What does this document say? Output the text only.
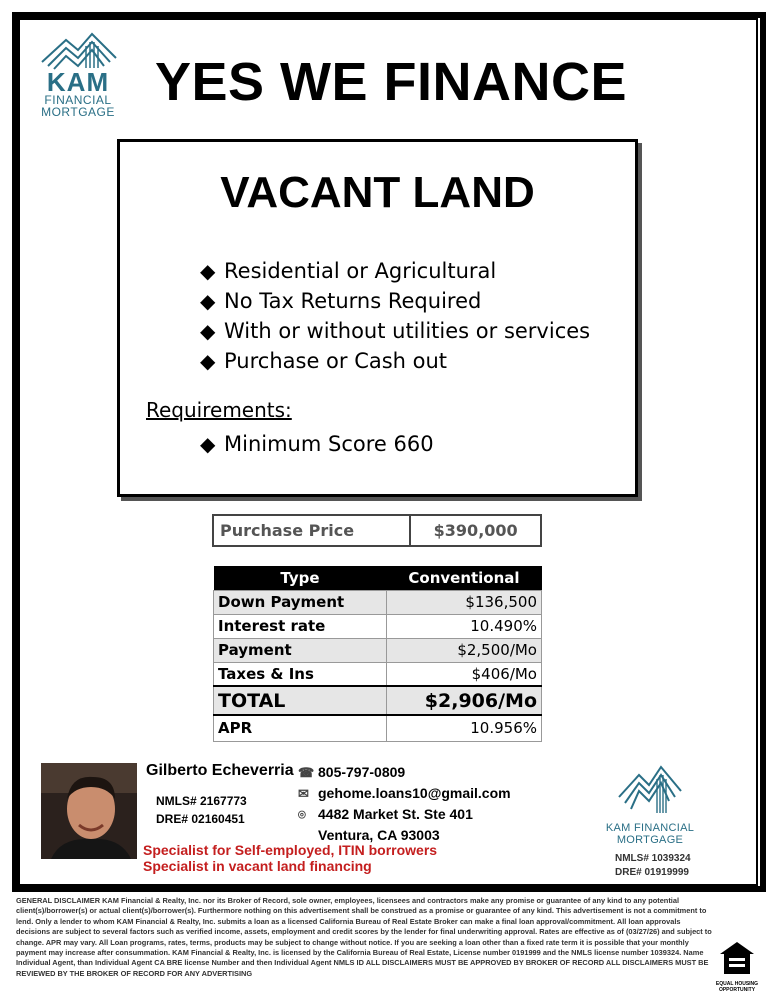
KAM
FINANCIAL
MORTGAGE YES WE FINANCE
VACANT LAND
◆ Residential or Agricultural
◆ No Tax Returns Required
◆ With or without utilities or services
◆ Purchase or Cash out
Requirements:
◆ Minimum Score 660
Purchase Price	$390,000
Type	Conventional
Down Payment	$136,500
Interest rate	10.490%
Payment	$2,500/Mo
Taxes & Ins	$406/Mo
TOTAL	$2,906/Mo
APR	10.956%
Gilberto Echeverria
NMLS# 2167773
DRE# 02160451
☎ 805-797-0809
✉ gehome.loans10@gmail.com
⌾ 4482 Market St. Ste 401
Ventura, CA 93003
Specialist for Self-employed, ITIN borrowers
Specialist in vacant land financing
KAM FINANCIAL MORTGAGE
NMLS# 1039324
DRE# 01919999
GENERAL DISCLAIMER KAM Financial & Realty, Inc. nor its Broker of Record, sole owner, employees, licensees and contractors make any promise or guarantee of any kind to any potential client(s)/borrower(s) or actual client(s)/borrower(s). Furthermore nothing on this advertisement shall be construed as a promise or guarantee of any kind. This advertisement is not a commitment to lend. Only a lender to whom KAM Financial & Realty, Inc. submits a loan as a licensed California Bureau of Real Estate Broker can make a final loan approval/commitment. All loan approvals decisions are subject to several factors such as verified income, assets, employment and credit scores by the lender for final underwriting approval. Rates are effective as of (03/27/26) and subject to change. APR may vary. All Loan programs, rates, terms, products may be subject to change without notice. If you are seeking a loan other than a fixed rate term it is possible that your monthly payment may increase after consummation. KAM Financial & Realty, Inc. is licensed by the California Bureau of Real Estate, License number 0191999 and the NMLS license number 1039324. Name Individual Agent, than Individual Agent CA BRE license Number and then Individual Agent NMLS ID ALL DISCLAIMERS MUST BE APPROVED BY BROKER OF RECORD ALL DISCLAIMERS MUST BE REVIEWED BY THE BROKER OF RECORD FOR ANY ADVERTISING
EQUAL HOUSING
OPPORTUNITY
